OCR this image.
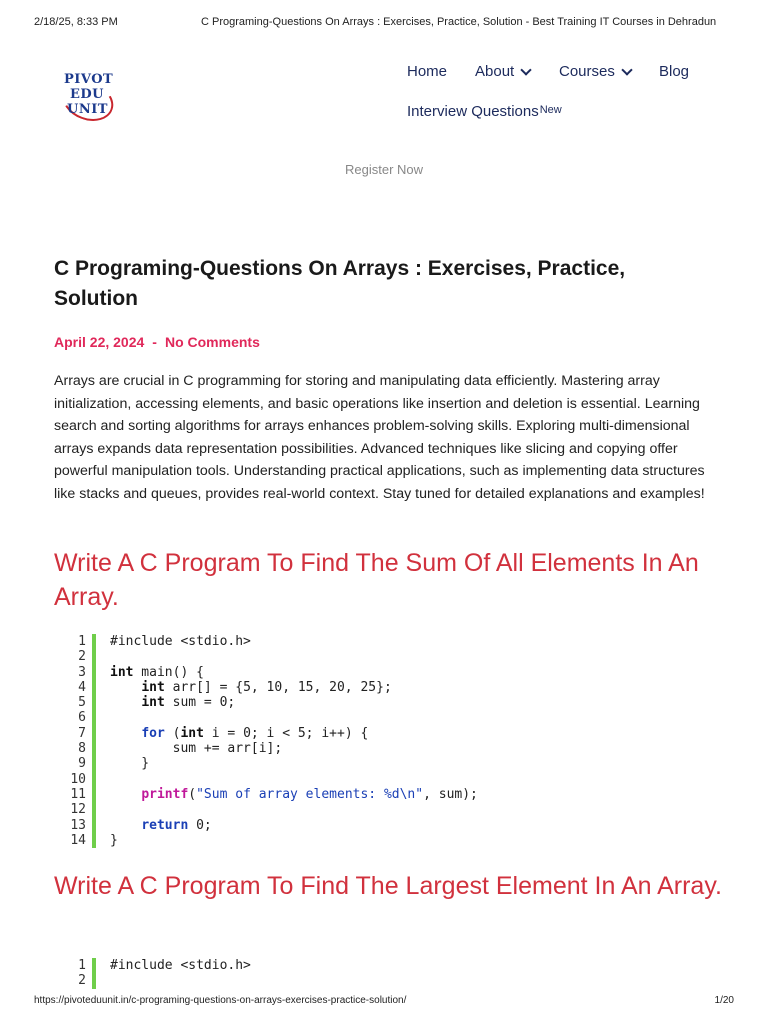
2/18/25, 8:33 PM	C Programing-Questions On Arrays : Exercises, Practice, Solution - Best Training IT Courses in Dehradun
PIVOT
EDU
UNIT
Home About	Courses	Blog
Interview Questions$^{New}$
Register Now
C Programing-Questions On Arrays : Exercises, Practice, Solution
April 22, 2024 - No Comments

Arrays are crucial in C programming for storing and manipulating data efficiently. Mastering array initialization, accessing elements, and basic operations like insertion and deletion is essential. Learning search and sorting algorithms for arrays enhances problem-solving skills. Exploring multi-dimensional arrays expands data representation possibilities. Advanced techniques like slicing and copying offer powerful manipulation tools. Understanding practical applications, such as implementing data structures like stacks and queues, provides real-world context. Stay tuned for detailed explanations and examples!

Write A C Program To Find The Sum Of All Elements In An Array.
1	#include <stdio.h>
2
3	int main() {
4	int arr[] = {5, 10, 15, 20, 25};
5	int sum = 0;
6
7	for (int i = 0; i < 5; i++) {
8	sum += arr[i];
9	}
10
11	printf("Sum of array elements: %d\n", sum);
12
13	return 0;
14	}
Write A C Program To Find The Largest Element In An Array.
1	#include <stdio.h>
2
https://pivoteduunit.in/c-programing-questions-on-arrays-exercises-practice-solution/	1/20
